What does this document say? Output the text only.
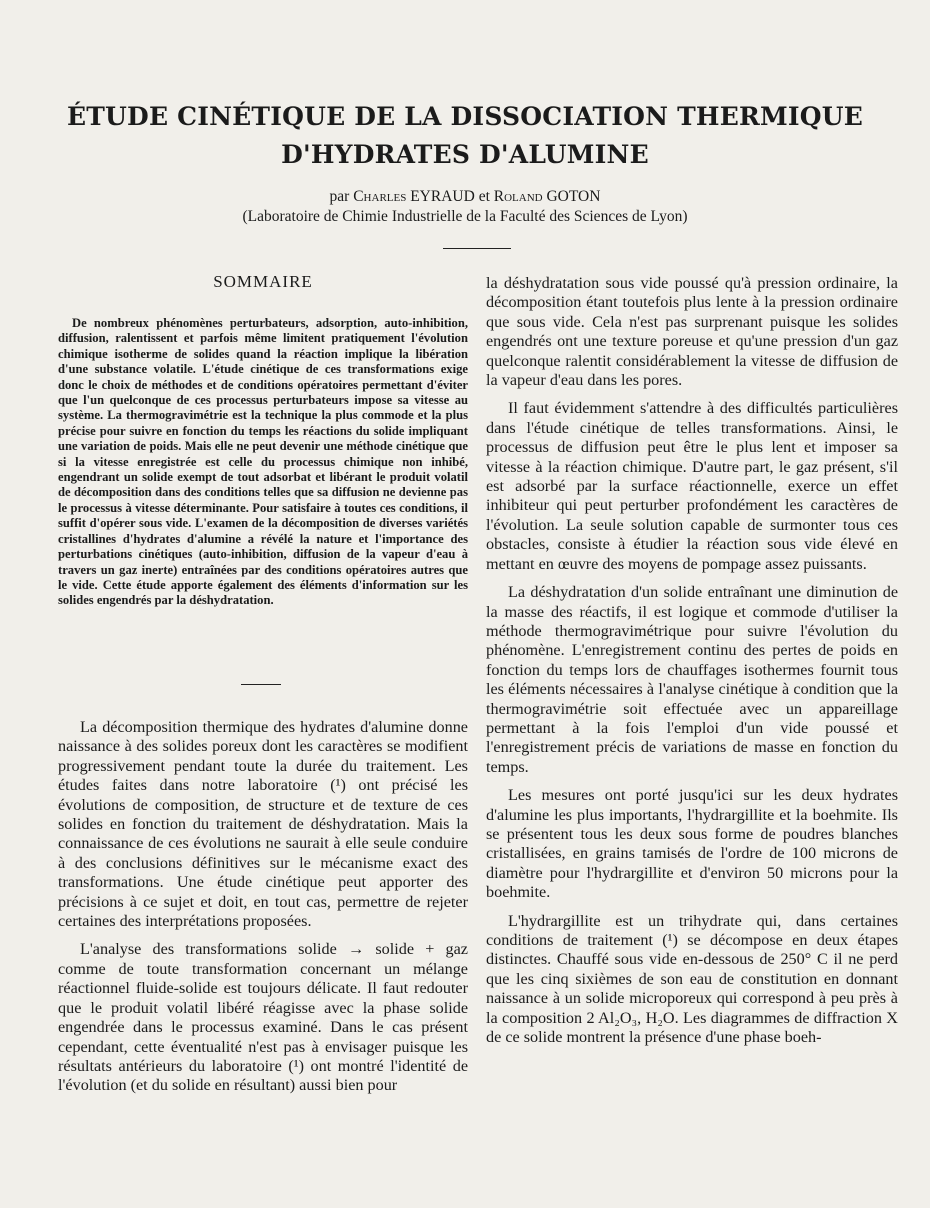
ÉTUDE CINÉTIQUE DE LA DISSOCIATION THERMIQUE
D'HYDRATES D'ALUMINE
par Charles EYRAUD et Roland GOTON
(Laboratoire de Chimie Industrielle de la Faculté des Sciences de Lyon)
SOMMAIRE

De nombreux phénomènes perturbateurs, adsorption, auto-inhibition, diffusion, ralentissent et parfois même limitent pratiquement l'évolution chimique isotherme de solides quand la réaction implique la libération d'une substance volatile. L'étude cinétique de ces transformations exige donc le choix de méthodes et de conditions opératoires permettant d'éviter que l'un quelconque de ces processus perturbateurs impose sa vitesse au système. La thermogravimétrie est la technique la plus commode et la plus précise pour suivre en fonction du temps les réactions du solide impliquant une variation de poids. Mais elle ne peut devenir une méthode cinétique que si la vitesse enregistrée est celle du processus chimique non inhibé, engendrant un solide exempt de tout adsorbat et libérant le produit volatil de décomposition dans des conditions telles que sa diffusion ne devienne pas le processus à vitesse déterminante. Pour satisfaire à toutes ces conditions, il suffit d'opérer sous vide. L'examen de la décomposition de diverses variétés cristallines d'hydrates d'alumine a révélé la nature et l'importance des perturbations cinétiques (auto-inhibition, diffusion de la vapeur d'eau à travers un gaz inerte) entraînées par des conditions opératoires autres que le vide. Cette étude apporte également des éléments d'information sur les solides engendrés par la déshydratation.

La décomposition thermique des hydrates d'alumine donne naissance à des solides poreux dont les caractères se modifient progressivement pendant toute la durée du traitement. Les études faites dans notre laboratoire (¹) ont précisé les évolutions de composition, de structure et de texture de ces solides en fonction du traitement de déshydratation. Mais la connaissance de ces évolutions ne saurait à elle seule conduire à des conclusions définitives sur le mécanisme exact des transformations. Une étude cinétique peut apporter des précisions à ce sujet et doit, en tout cas, permettre de rejeter certaines des interprétations proposées.

L'analyse des transformations solide → solide + gaz comme de toute transformation concernant un mélange réactionnel fluide-solide est toujours délicate. Il faut redouter que le produit volatil libéré réagisse avec la phase solide engendrée dans le processus examiné. Dans le cas présent cependant, cette éventualité n'est pas à envisager puisque les résultats antérieurs du laboratoire (¹) ont montré l'identité de l'évolution (et du solide en résultant) aussi bien pour

la déshydratation sous vide poussé qu'à pression ordinaire, la décomposition étant toutefois plus lente à la pression ordinaire que sous vide. Cela n'est pas surprenant puisque les solides engendrés ont une texture poreuse et qu'une pression d'un gaz quelconque ralentit considérablement la vitesse de diffusion de la vapeur d'eau dans les pores.

Il faut évidemment s'attendre à des difficultés particulières dans l'étude cinétique de telles transformations. Ainsi, le processus de diffusion peut être le plus lent et imposer sa vitesse à la réaction chimique. D'autre part, le gaz présent, s'il est adsorbé par la surface réactionnelle, exerce un effet inhibiteur qui peut perturber profondément les caractères de l'évolution. La seule solution capable de surmonter tous ces obstacles, consiste à étudier la réaction sous vide élevé en mettant en œuvre des moyens de pompage assez puissants.

La déshydratation d'un solide entraînant une diminution de la masse des réactifs, il est logique et commode d'utiliser la méthode thermogravimétrique pour suivre l'évolution du phénomène. L'enregistrement continu des pertes de poids en fonction du temps lors de chauffages isothermes fournit tous les éléments nécessaires à l'analyse cinétique à condition que la thermogravimétrie soit effectuée avec un appareillage permettant à la fois l'emploi d'un vide poussé et l'enregistrement précis de variations de masse en fonction du temps.

Les mesures ont porté jusqu'ici sur les deux hydrates d'alumine les plus importants, l'hydrargillite et la boehmite. Ils se présentent tous les deux sous forme de poudres blanches cristallisées, en grains tamisés de l'ordre de 100 microns de diamètre pour l'hydrargillite et d'environ 50 microns pour la boehmite.

L'hydrargillite est un trihydrate qui, dans certaines conditions de traitement (¹) se décompose en deux étapes distinctes. Chauffé sous vide en-dessous de 250° C il ne perd que les cinq sixièmes de son eau de constitution en donnant naissance à un solide microporeux qui correspond à peu près à la composition 2 Al₂O₃, H₂O. Les diagrammes de diffraction X de ce solide montrent la présence d'une phase boeh-
